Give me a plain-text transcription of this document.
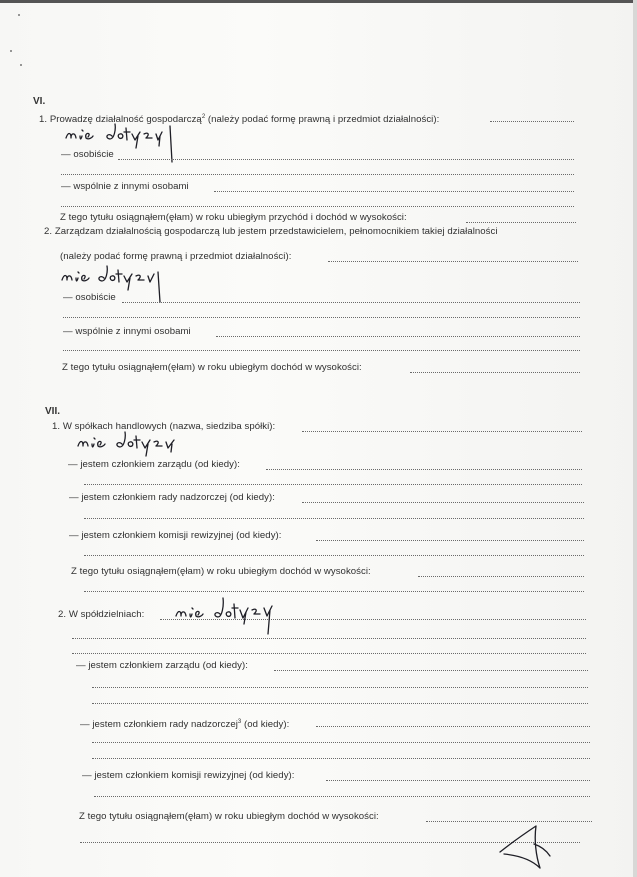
VI.
1. Prowadzę działalność gospodarczą$^2$ (należy podać formę prawną i przedmiot działalności):
— osobiście
— wspólnie z innymi osobami
Z tego tytułu osiągnąłem(ęłam) w roku ubiegłym przychód i dochód w wysokości:
2. Zarządzam działalnością gospodarczą lub jestem przedstawicielem, pełnomocnikiem takiej działalności
(należy podać formę prawną i przedmiot działalności):
— osobiście
— wspólnie z innymi osobami
Z tego tytułu osiągnąłem(ęłam) w roku ubiegłym dochód w wysokości:
VII.
1. W spółkach handlowych (nazwa, siedziba spółki):
— jestem członkiem zarządu (od kiedy):
— jestem członkiem rady nadzorczej (od kiedy):
— jestem członkiem komisji rewizyjnej (od kiedy):
Z tego tytułu osiągnąłem(ęłam) w roku ubiegłym dochód w wysokości:
2. W spółdzielniach:
— jestem członkiem zarządu (od kiedy):
— jestem członkiem rady nadzorczej$^3$ (od kiedy):
— jestem członkiem komisji rewizyjnej (od kiedy):
Z tego tytułu osiągnąłem(ęłam) w roku ubiegłym dochód w wysokości:
